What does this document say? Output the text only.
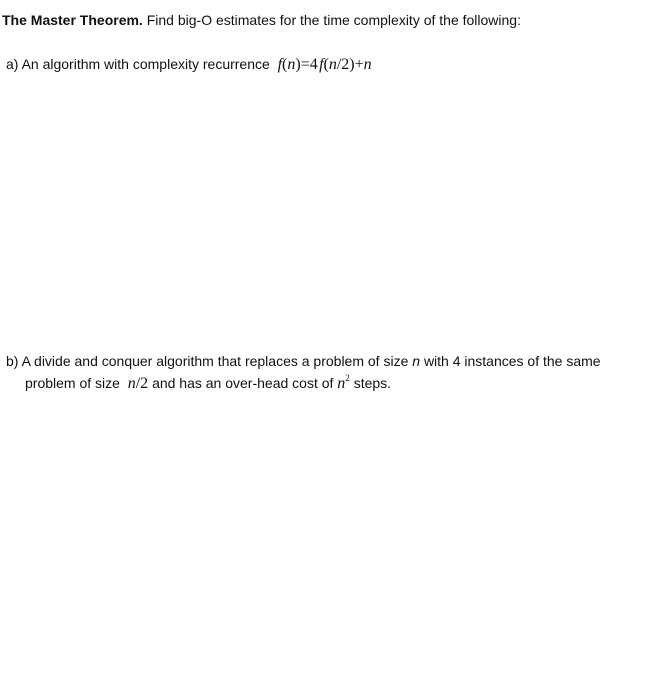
The Master Theorem. Find big-O estimates for the time complexity of the following:
a) An algorithm with complexity recurrence f(n)=4 f(n/2)+n
b) A divide and conquer algorithm that replaces a problem of size n with 4 instances of the same
problem of size n/2 and has an over-head cost of $n^2$ steps.
